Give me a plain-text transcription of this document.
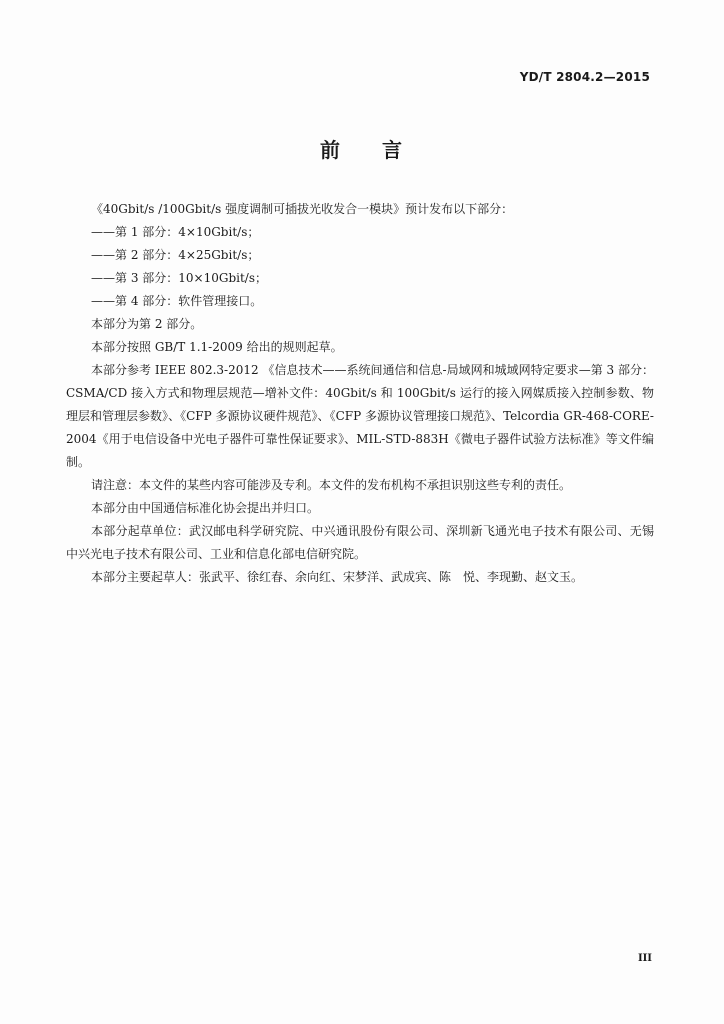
YD/T 2804.2—2015
前 言

《40Gbit/s /100Gbit/s 强度调制可插拔光收发合一模块》预计发布以下部分：

——第 1 部分：4×10Gbit/s；

——第 2 部分：4×25Gbit/s；

——第 3 部分：10×10Gbit/s；

——第 4 部分：软件管理接口。

本部分为第 2 部分。

本部分按照 GB/T 1.1-2009 给出的规则起草。

本部分参考 IEEE 802.3-2012 《信息技术——系统间通信和信息-局域网和城域网特定要求—第 3 部分：CSMA/CD 接入方式和物理层规范—增补文件：40Gbit/s 和 100Gbit/s 运行的接入网媒质接入控制参数、物理层和管理层参数》、《CFP 多源协议硬件规范》、《CFP 多源协议管理接口规范》、Telcordia GR-468-CORE-2004《用于电信设备中光电子器件可靠性保证要求》、MIL-STD-883H《微电子器件试验方法标准》等文件编制。

请注意：本文件的某些内容可能涉及专利。本文件的发布机构不承担识别这些专利的责任。

本部分由中国通信标准化协会提出并归口。

本部分起草单位：武汉邮电科学研究院、中兴通讯股份有限公司、深圳新飞通光电子技术有限公司、无锡中兴光电子技术有限公司、工业和信息化部电信研究院。

本部分主要起草人：张武平、徐红春、余向红、宋梦洋、武成宾、陈　悦、李现勤、赵文玉。

III
